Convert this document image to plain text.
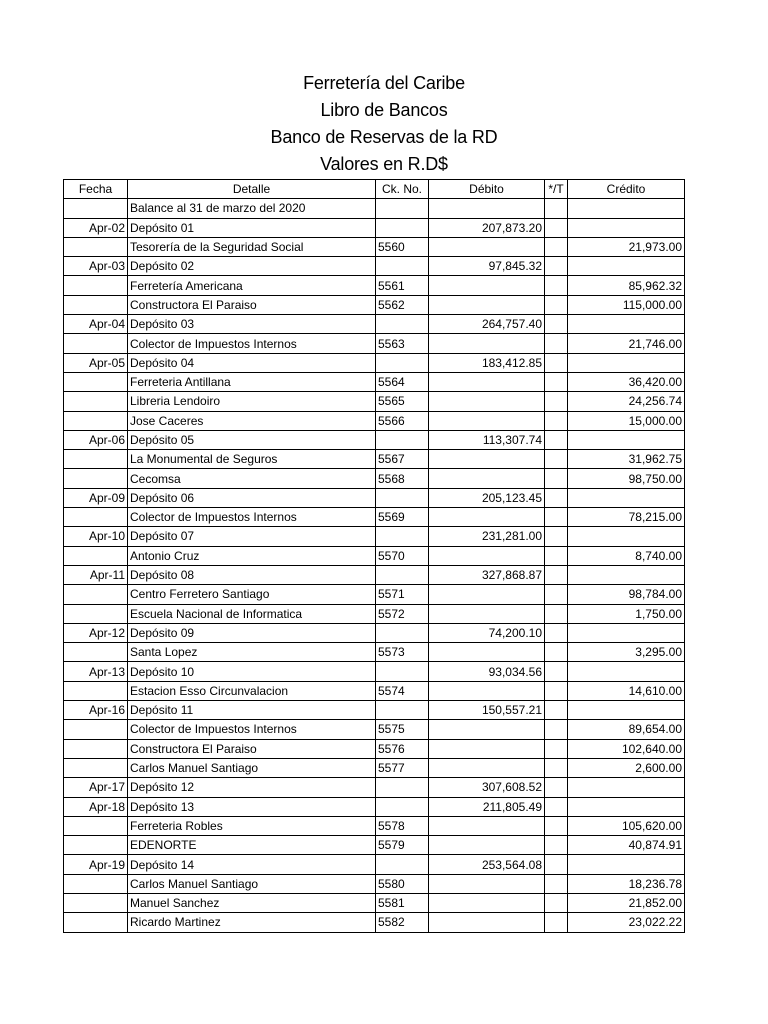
Ferretería del Caribe
Libro de Bancos
Banco de Reservas de la RD
Valores en R.D$
Fecha	Detalle	Ck. No.	Débito	*/T	Crédito
	Balance al 31 de marzo del 2020				
Apr-02	Depósito 01		207,873.20		
	Tesorería de la Seguridad Social	5560			21,973.00
Apr-03	Depósito 02		97,845.32		
	Ferretería Americana	5561			85,962.32
	Constructora El Paraiso	5562			115,000.00
Apr-04	Depósito 03		264,757.40		
	Colector de Impuestos Internos	5563			21,746.00
Apr-05	Depósito 04		183,412.85		
	Ferreteria Antillana	5564			36,420.00
	Libreria Lendoiro	5565			24,256.74
	Jose Caceres	5566			15,000.00
Apr-06	Depósito 05		113,307.74		
	La Monumental de Seguros	5567			31,962.75
	Cecomsa	5568			98,750.00
Apr-09	Depósito 06		205,123.45		
	Colector de Impuestos Internos	5569			78,215.00
Apr-10	Depósito 07		231,281.00		
	Antonio Cruz	5570			8,740.00
Apr-11	Depósito 08		327,868.87		
	Centro Ferretero Santiago	5571			98,784.00
	Escuela Nacional de Informatica	5572			1,750.00
Apr-12	Depósito 09		74,200.10		
	Santa Lopez	5573			3,295.00
Apr-13	Depósito 10		93,034.56		
	Estacion Esso Circunvalacion	5574			14,610.00
Apr-16	Depósito 11		150,557.21		
	Colector de Impuestos Internos	5575			89,654.00
	Constructora El Paraiso	5576			102,640.00
	Carlos Manuel Santiago	5577			2,600.00
Apr-17	Depósito 12		307,608.52		
Apr-18	Depósito 13		211,805.49		
	Ferreteria Robles	5578			105,620.00
	EDENORTE	5579			40,874.91
Apr-19	Depósito 14		253,564.08		
	Carlos Manuel Santiago	5580			18,236.78
	Manuel Sanchez	5581			21,852.00
	Ricardo Martinez	5582			23,022.22
